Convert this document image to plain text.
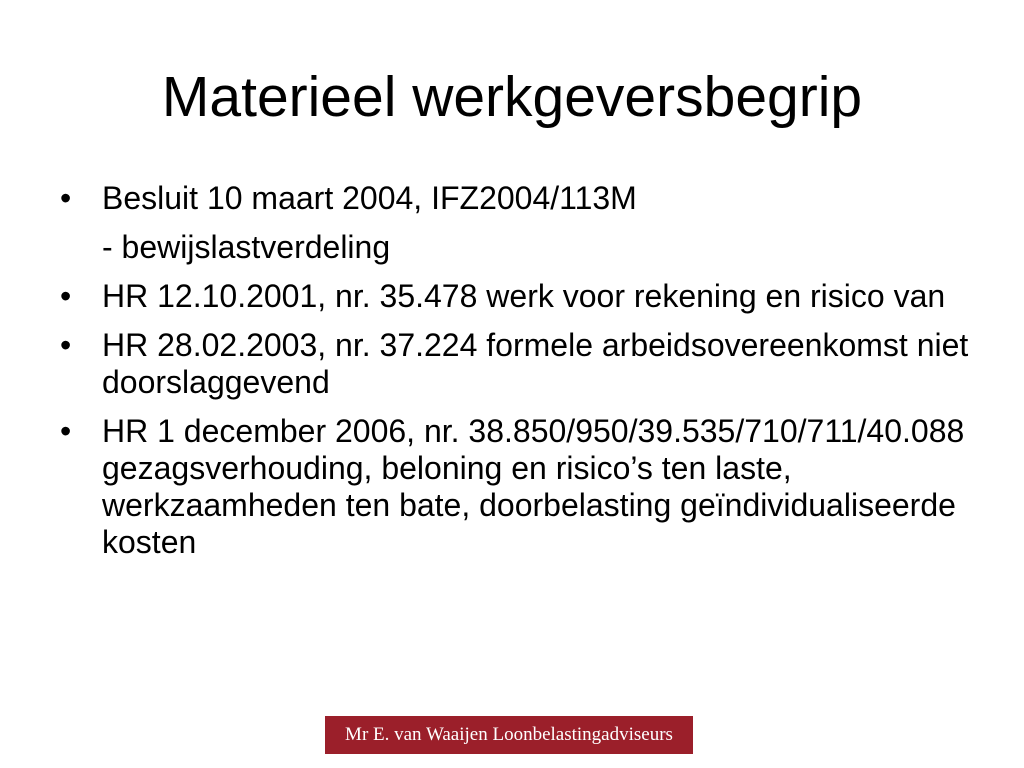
Materieel werkgeversbegrip
• Besluit 10 maart 2004, IFZ2004/113M
- bewijslastverdeling
• HR 12.10.2001, nr. 35.478 werk voor rekening en risico van
• HR 28.02.2003, nr. 37.224 formele arbeidsovereenkomst niet doorslaggevend
• HR 1 december 2006, nr. 38.850/950/39.535/710/711/40.088 gezagsverhouding, beloning en risico’s ten laste, werkzaamheden ten bate, doorbelasting geïndividualiseerde kosten
Mr E. van Waaijen Loonbelastingadviseurs
